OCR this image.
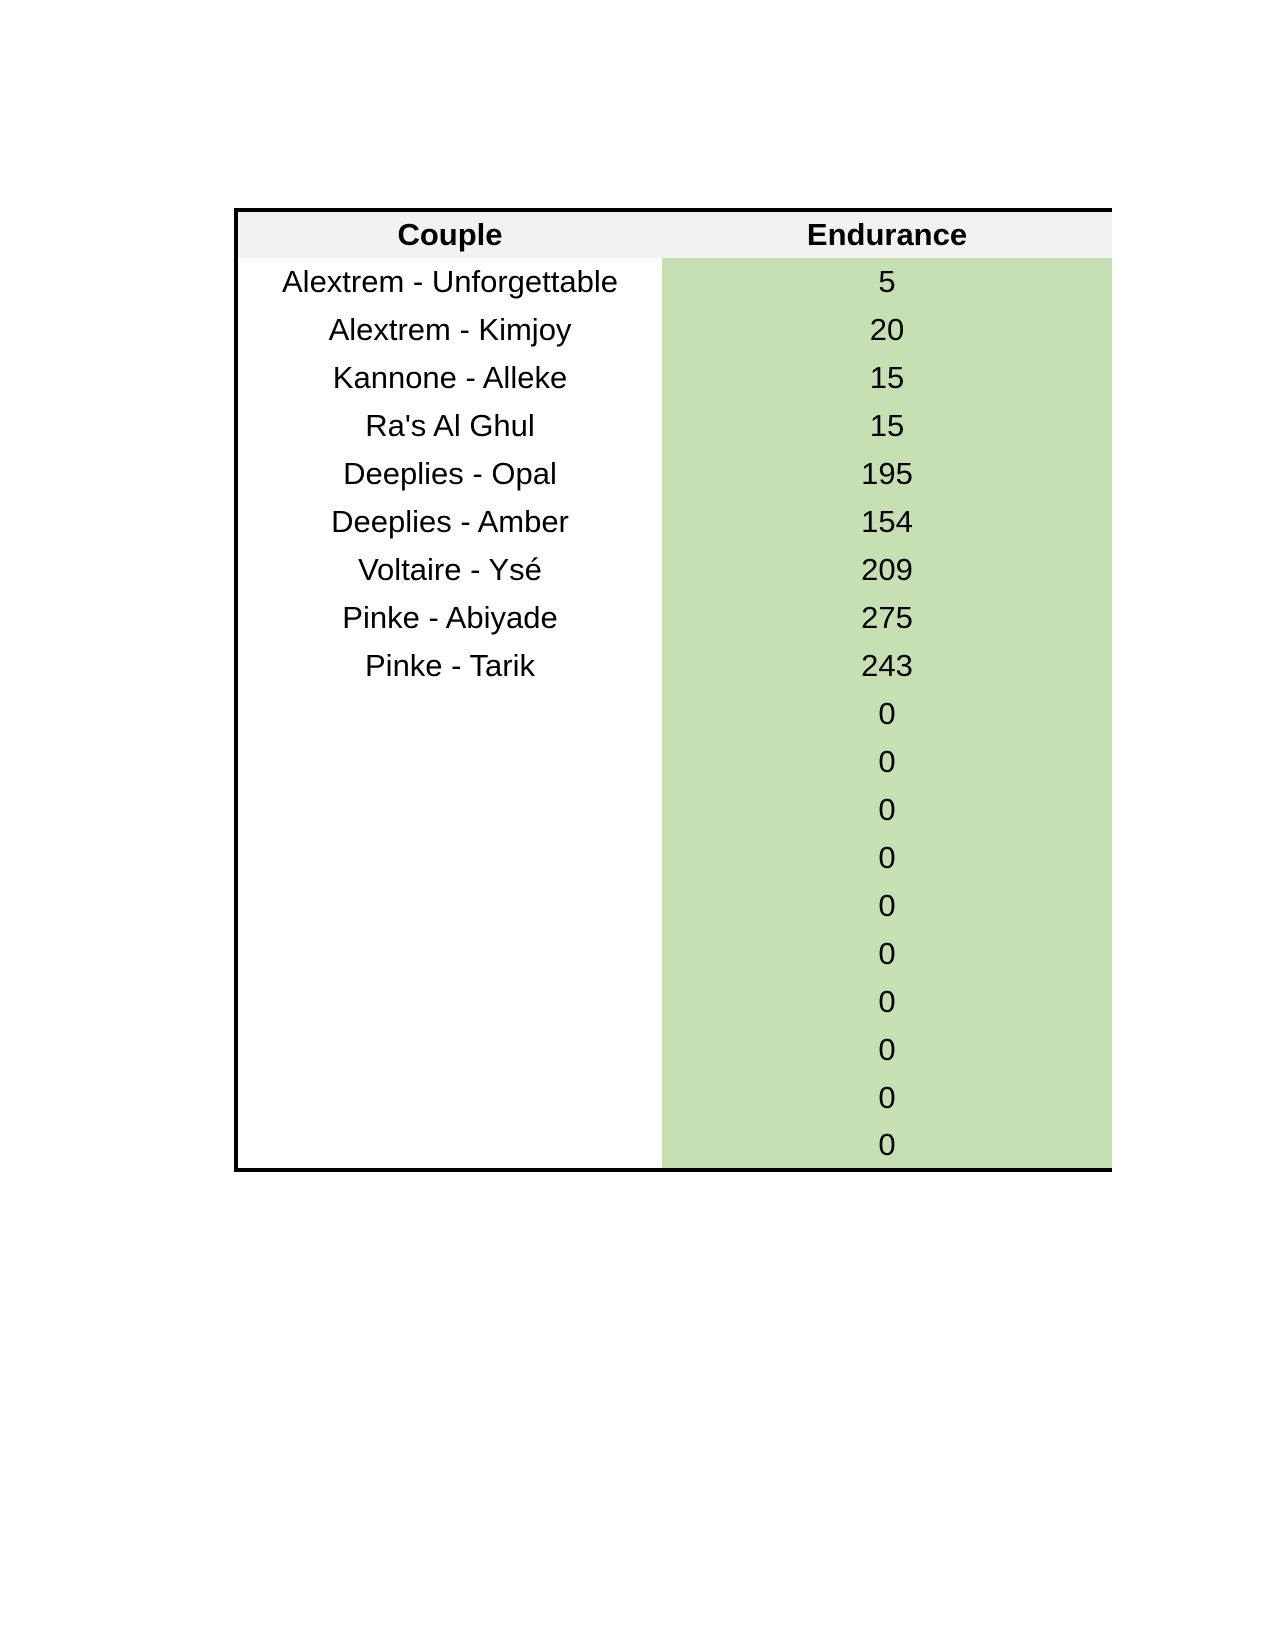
Couple	Endurance
Alextrem - Unforgettable	5
Alextrem - Kimjoy	20
Kannone - Alleke	15
Ra's Al Ghul	15
Deeplies - Opal	195
Deeplies - Amber	154
Voltaire - Ysé	209
Pinke - Abiyade	275
Pinke - Tarik	243
	0
	0
	0
	0
	0
	0
	0
	0
	0
	0
